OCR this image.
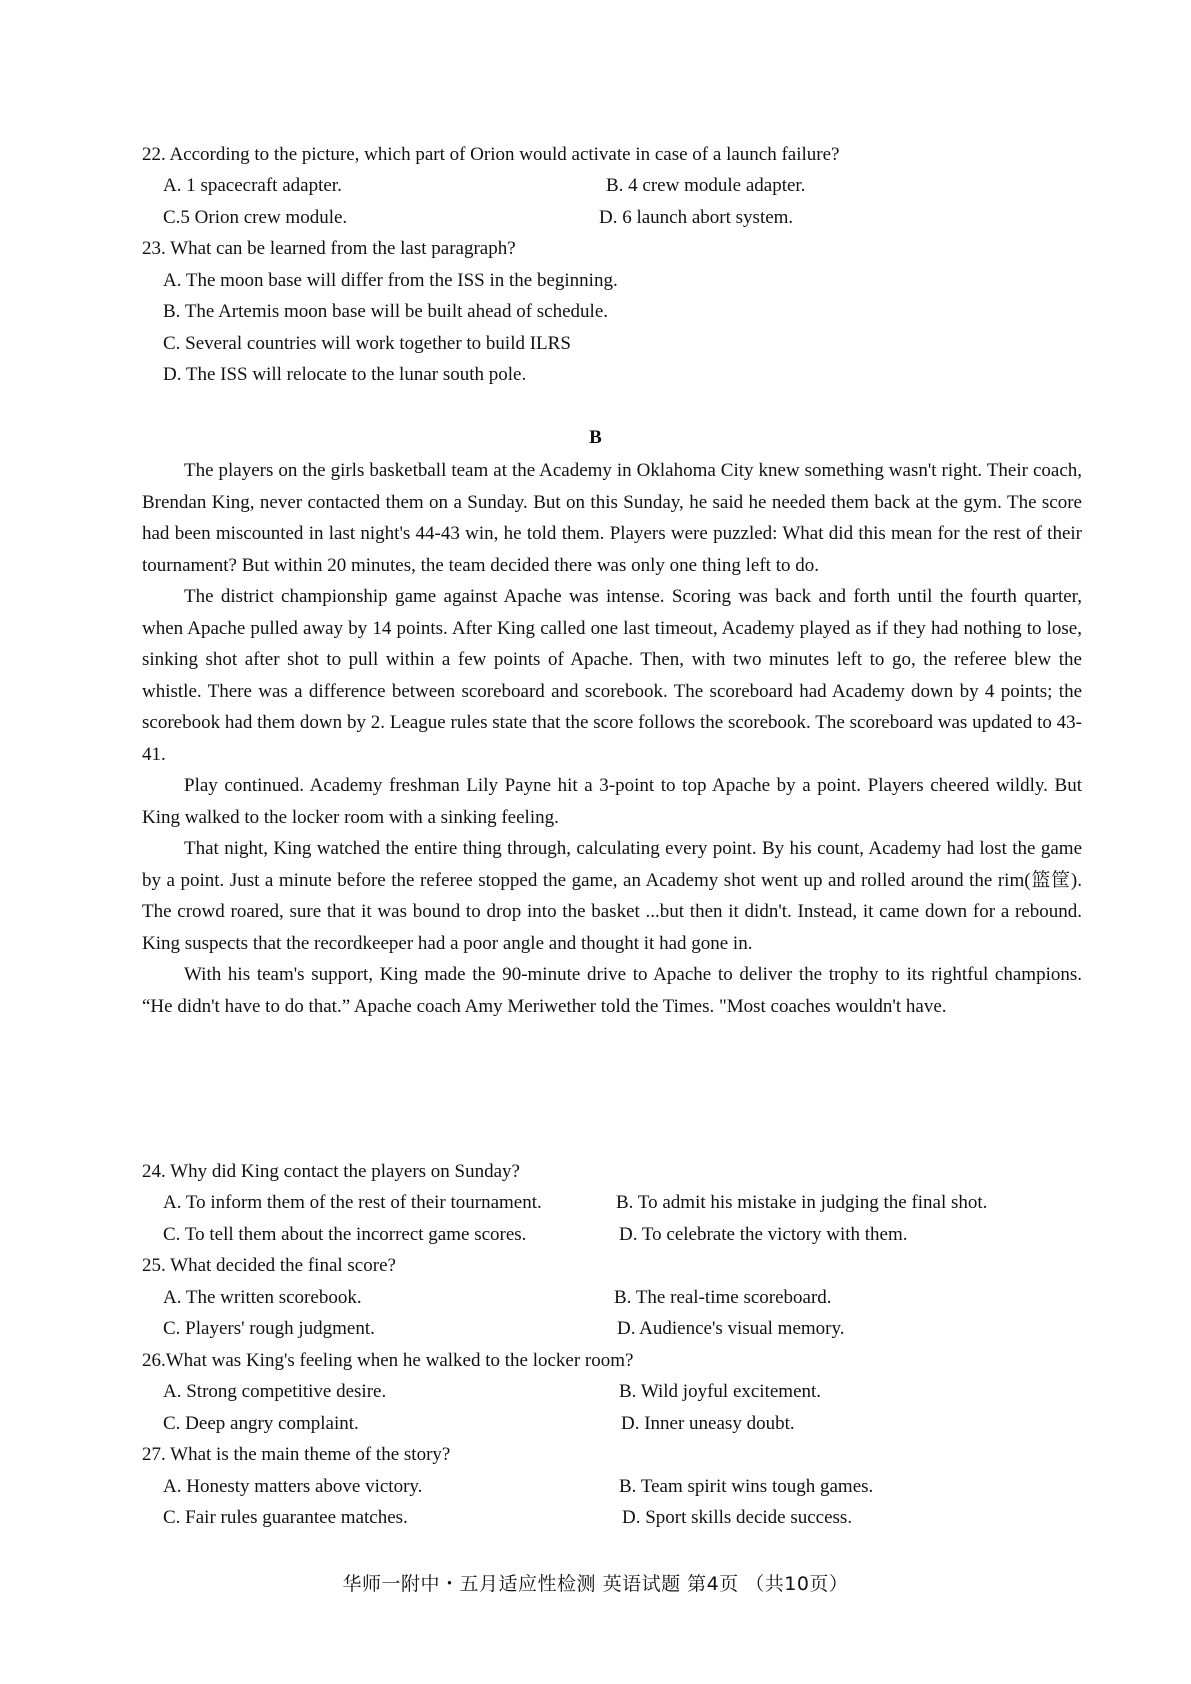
22. According to the picture, which part of Orion would activate in case of a launch failure?
A. 1 spacecraft adapter.	B. 4 crew module adapter.
C.5 Orion crew module.	D. 6 launch abort system.
23. What can be learned from the last paragraph?
A. The moon base will differ from the ISS in the beginning.
B. The Artemis moon base will be built ahead of schedule.
C. Several countries will work together to build ILRS
D. The ISS will relocate to the lunar south pole.
B

The players on the girls basketball team at the Academy in Oklahoma City knew something wasn't right. Their coach, Brendan King, never contacted them on a Sunday. But on this Sunday, he said he needed them back at the gym. The score had been miscounted in last night's 44-43 win, he told them. Players were puzzled: What did this mean for the rest of their tournament? But within 20 minutes, the team decided there was only one thing left to do.

The district championship game against Apache was intense. Scoring was back and forth until the fourth quarter, when Apache pulled away by 14 points. After King called one last timeout, Academy played as if they had nothing to lose, sinking shot after shot to pull within a few points of Apache. Then, with two minutes left to go, the referee blew the whistle. There was a difference between scoreboard and scorebook. The scoreboard had Academy down by 4 points; the scorebook had them down by 2. League rules state that the score follows the scorebook. The scoreboard was updated to 43-41.

Play continued. Academy freshman Lily Payne hit a 3-point to top Apache by a point. Players cheered wildly. But King walked to the locker room with a sinking feeling.

That night, King watched the entire thing through, calculating every point. By his count, Academy had lost the game by a point. Just a minute before the referee stopped the game, an Academy shot went up and rolled around the rim(篮筐). The crowd roared, sure that it was bound to drop into the basket ...but then it didn't. Instead, it came down for a rebound. King suspects that the recordkeeper had a poor angle and thought it had gone in.

With his team's support, King made the 90-minute drive to Apache to deliver the trophy to its rightful champions. “He didn't have to do that.” Apache coach Amy Meriwether told the Times. "Most coaches wouldn't have.

24. Why did King contact the players on Sunday?
A. To inform them of the rest of their tournament.	B. To admit his mistake in judging the final shot.
C. To tell them about the incorrect game scores.	D. To celebrate the victory with them.
25. What decided the final score?
A. The written scorebook.	B. The real-time scoreboard.
C. Players' rough judgment.	D. Audience's visual memory.
26.What was King's feeling when he walked to the locker room?
A. Strong competitive desire.	B. Wild joyful excitement.
C. Deep angry complaint.	D. Inner uneasy doubt.
27. What is the main theme of the story?
A. Honesty matters above victory.	B. Team spirit wins tough games.
C. Fair rules guarantee matches.	D. Sport skills decide success.
华师一附中・五月适应性检测 英语试题 第4页 （共10页）
